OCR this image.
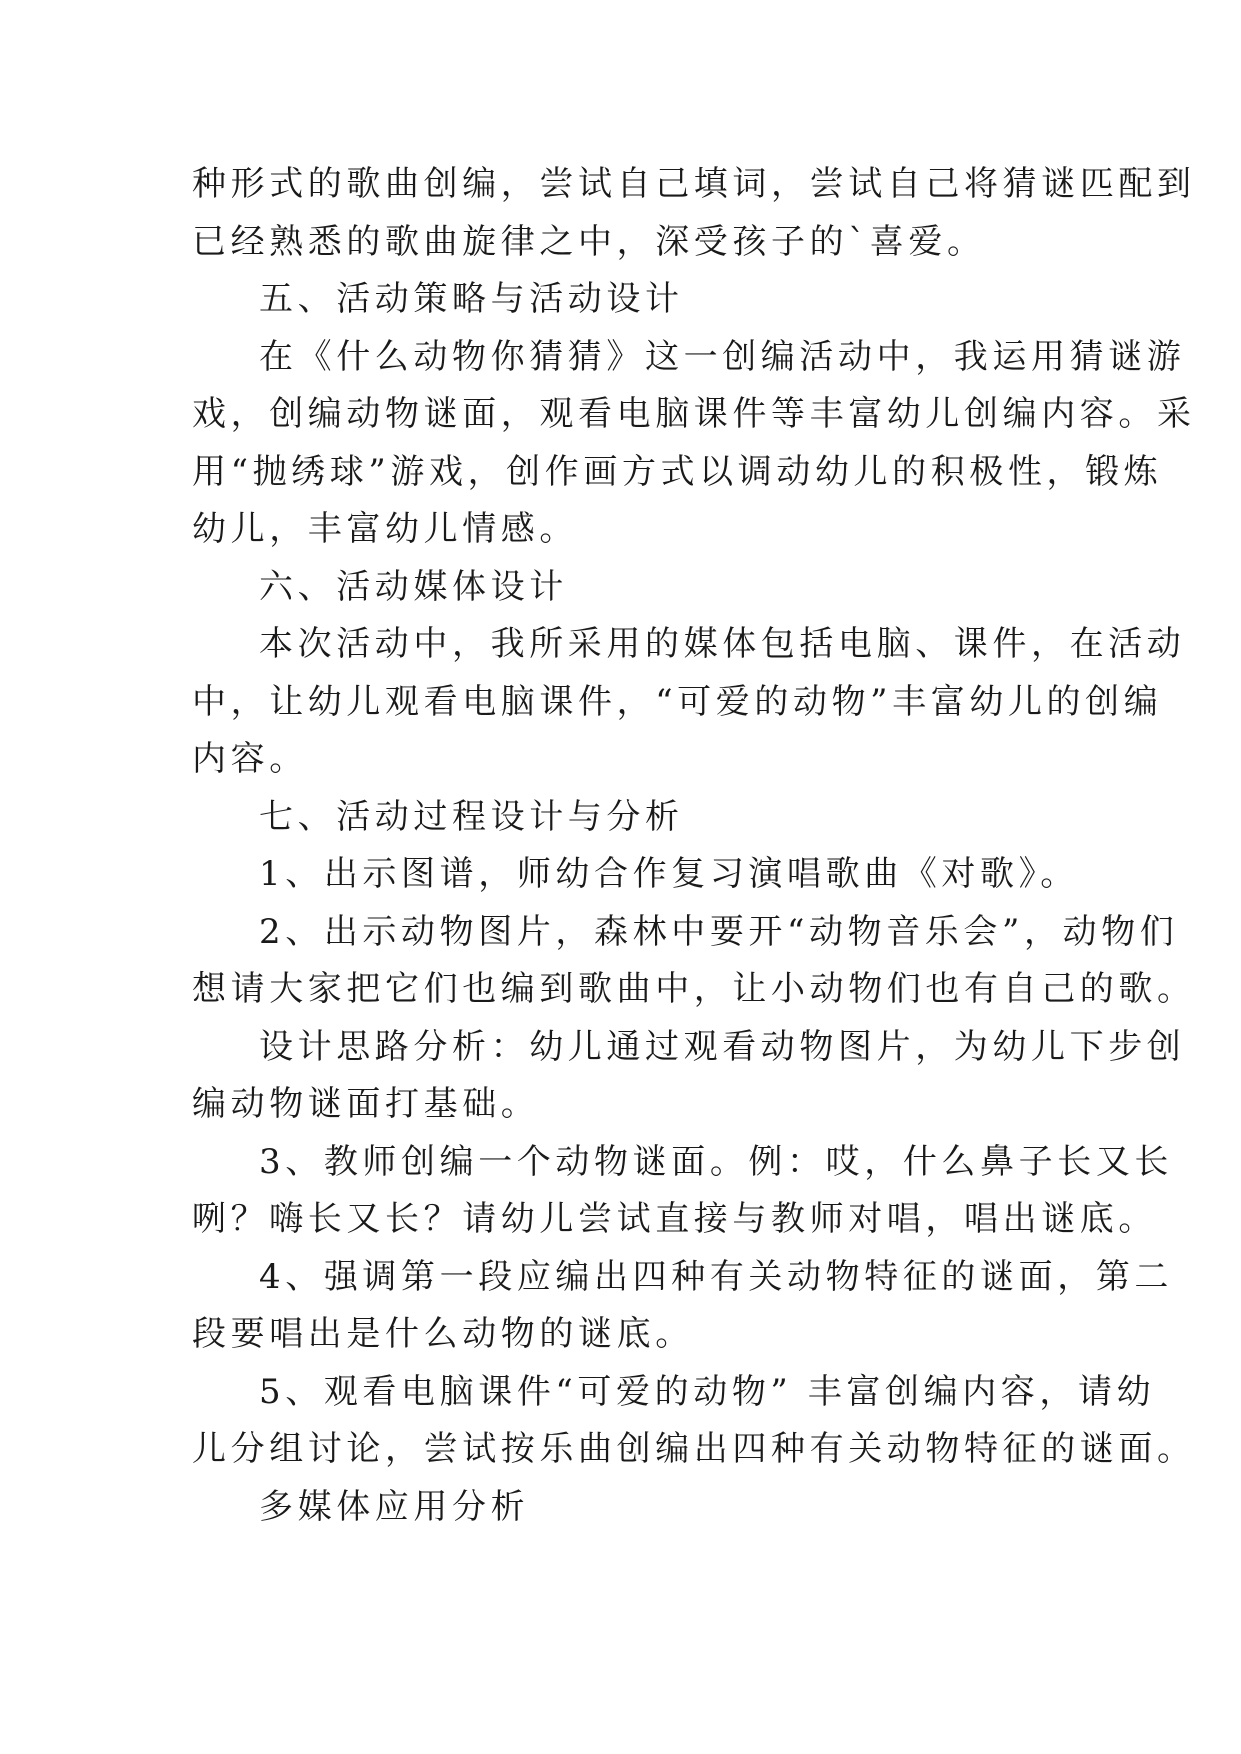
种形式的歌曲创编，尝试自己填词，尝试自己将猜谜匹配到

已经熟悉的歌曲旋律之中，深受孩子的`喜爱。

五、活动策略与活动设计

在《什么动物你猜猜》这一创编活动中，我运用猜谜游

戏，创编动物谜面，观看电脑课件等丰富幼儿创编内容。采

用“抛绣球”游戏，创作画方式以调动幼儿的积极性，锻炼

幼儿，丰富幼儿情感。

六、活动媒体设计

本次活动中，我所采用的媒体包括电脑、课件，在活动

中，让幼儿观看电脑课件，“可爱的动物”丰富幼儿的创编

内容。

七、活动过程设计与分析

1、出示图谱，师幼合作复习演唱歌曲《对歌》。

2、出示动物图片，森林中要开“动物音乐会”，动物们

想请大家把它们也编到歌曲中，让小动物们也有自己的歌。

设计思路分析：幼儿通过观看动物图片，为幼儿下步创

编动物谜面打基础。

3、教师创编一个动物谜面。例：哎，什么鼻子长又长

咧？嗨长又长？请幼儿尝试直接与教师对唱，唱出谜底。

4、强调第一段应编出四种有关动物特征的谜面，第二

段要唱出是什么动物的谜底。

5、观看电脑课件“可爱的动物” 丰富创编内容，请幼

儿分组讨论，尝试按乐曲创编出四种有关动物特征的谜面。

多媒体应用分析
